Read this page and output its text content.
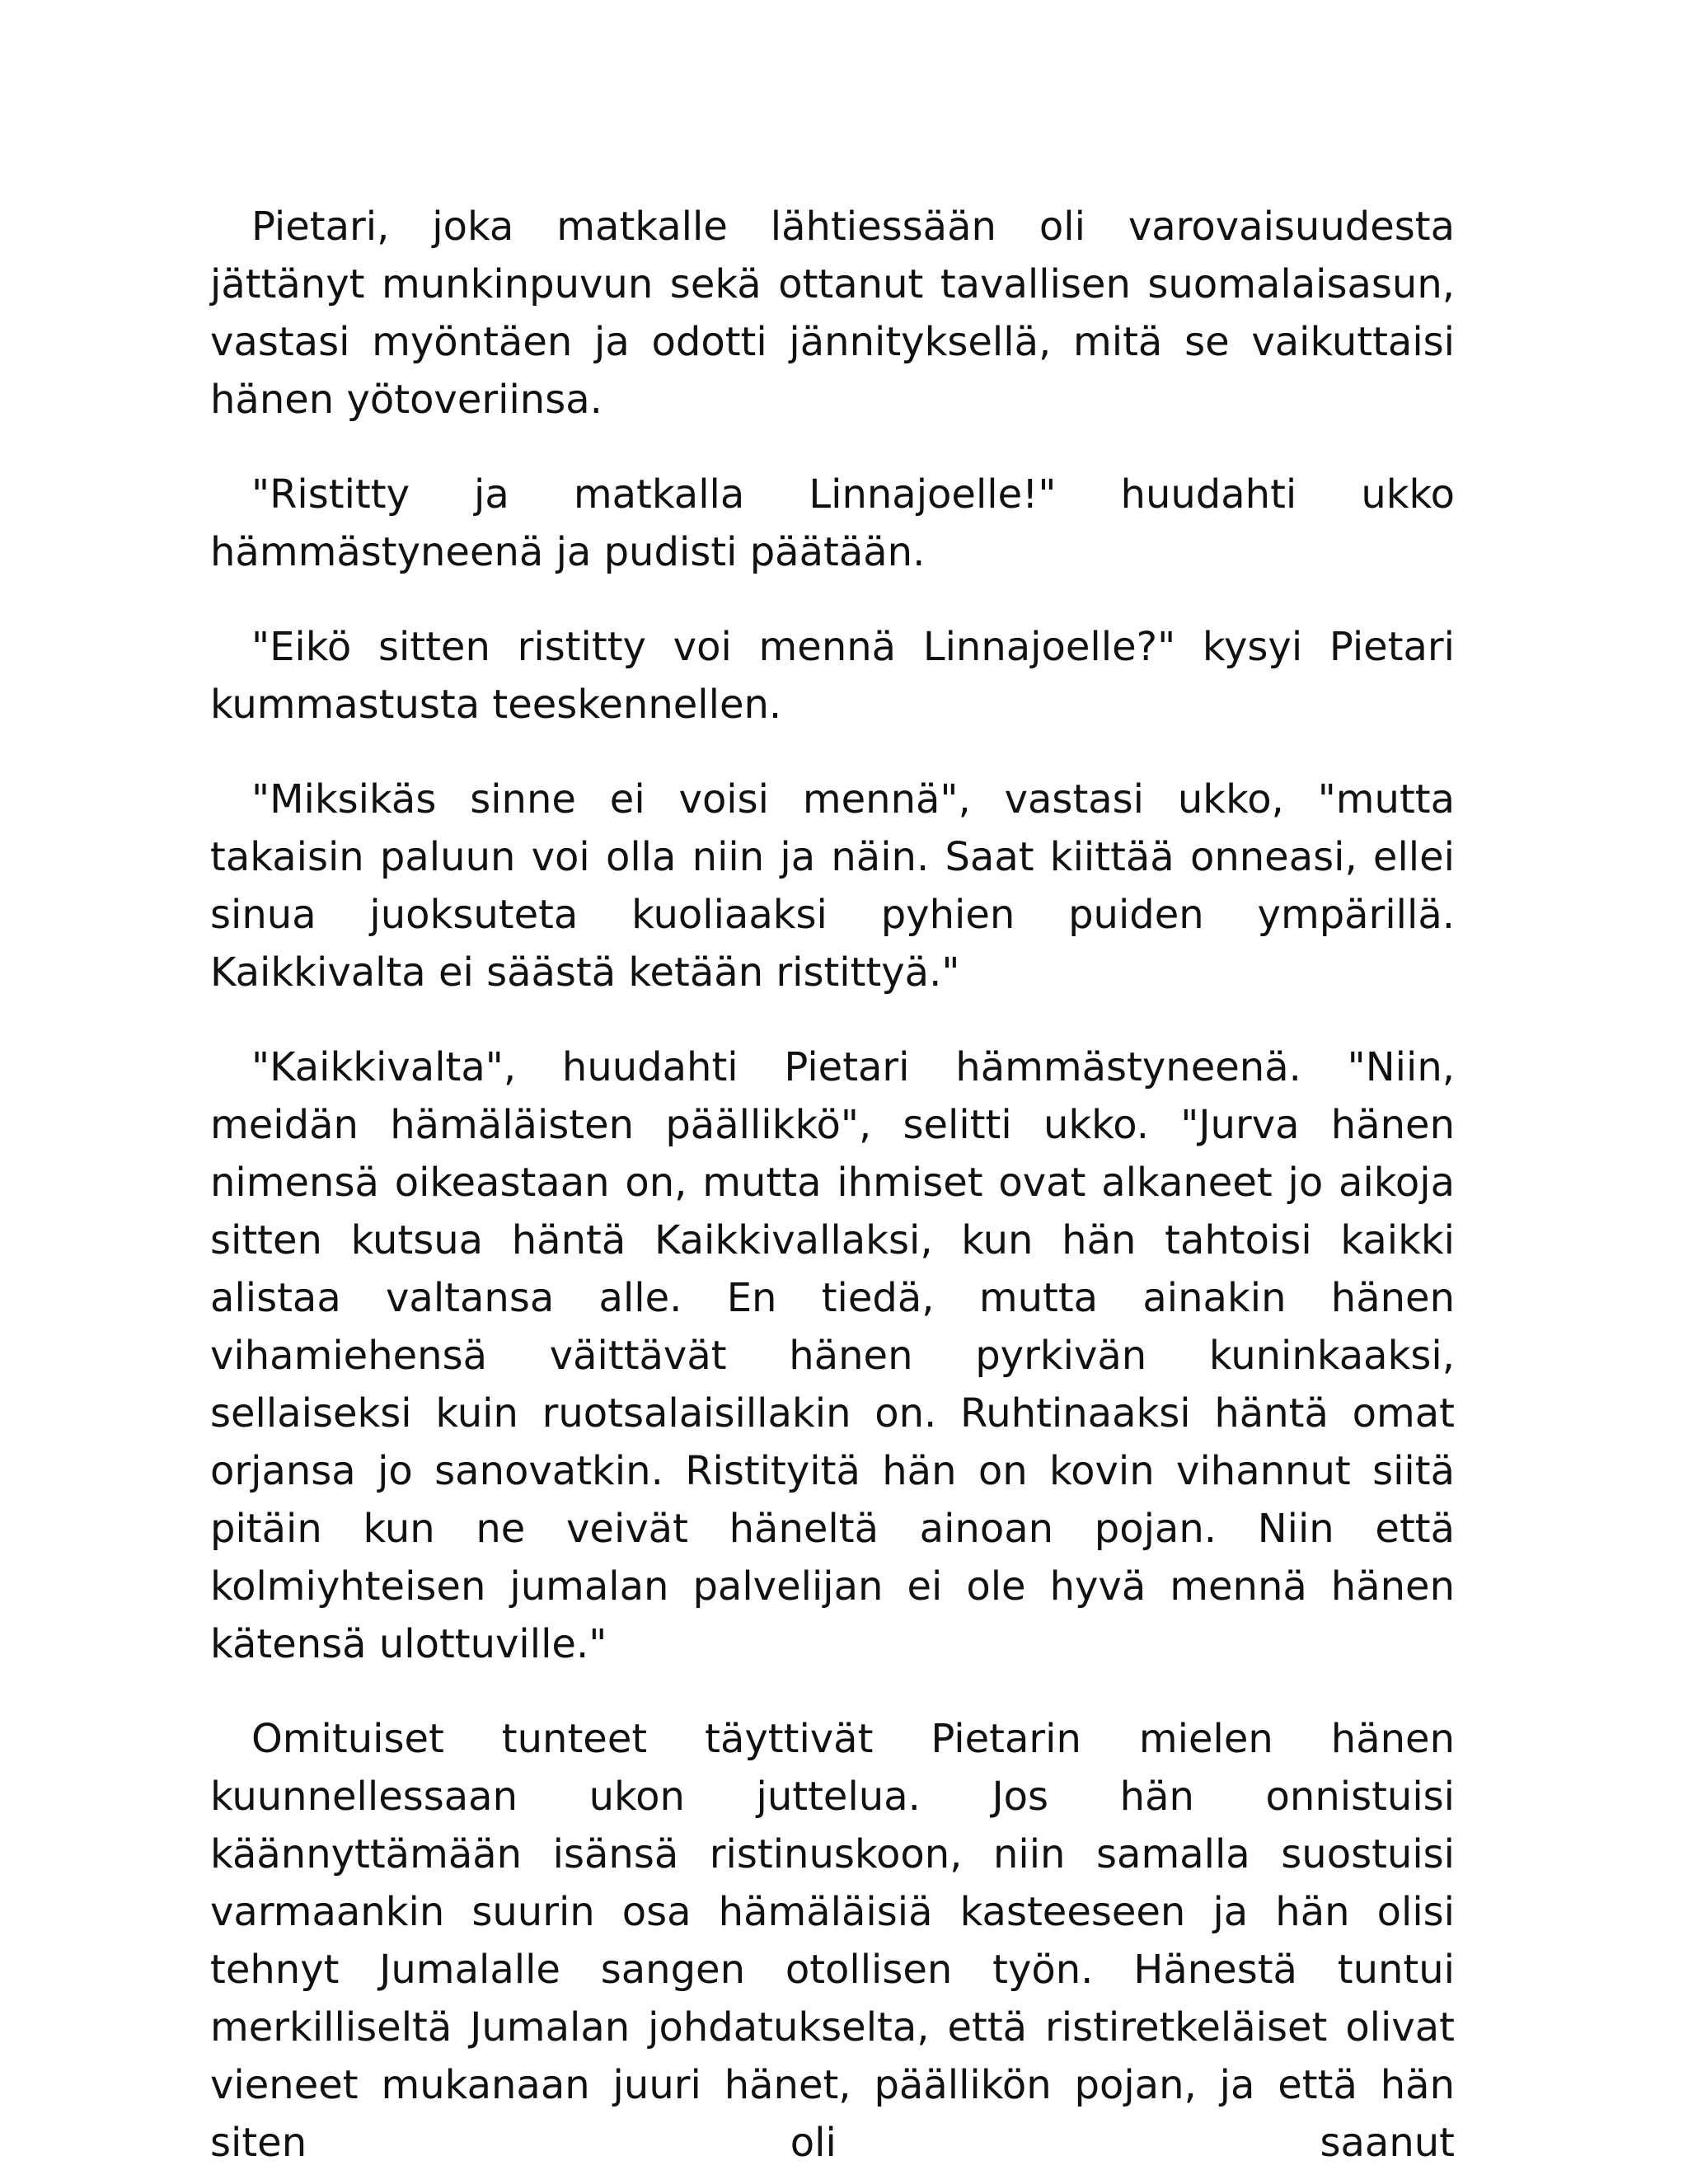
Pietari, joka matkalle lähtiessään oli varovaisuudesta jättänyt munkinpuvun sekä ottanut tavallisen suomalaisasun, vastasi myöntäen ja odotti jännityksellä, mitä se vaikuttaisi hänen yötoveriinsa.

"Ristitty ja matkalla Linnajoelle!" huudahti ukko hämmästyneenä ja pudisti päätään.

"Eikö sitten ristitty voi mennä Linnajoelle?" kysyi Pietari kummastusta teeskennellen.

"Miksikäs sinne ei voisi mennä", vastasi ukko, "mutta takaisin paluun voi olla niin ja näin. Saat kiittää onneasi, ellei sinua juoksuteta kuoliaaksi pyhien puiden ympärillä. Kaikkivalta ei säästä ketään ristittyä."

"Kaikkivalta", huudahti Pietari hämmästyneenä. "Niin, meidän hämäläisten päällikkö", selitti ukko. "Jurva hänen nimensä oikeastaan on, mutta ihmiset ovat alkaneet jo aikoja sitten kutsua häntä Kaikkivallaksi, kun hän tahtoisi kaikki alistaa valtansa alle. En tiedä, mutta ainakin hänen vihamiehensä väittävät hänen pyrkivän kuninkaaksi, sellaiseksi kuin ruotsalaisillakin on. Ruhtinaaksi häntä omat orjansa jo sanovatkin. Ristityitä hän on kovin vihannut siitä pitäin kun ne veivät häneltä ainoan pojan. Niin että kolmiyhteisen jumalan palvelijan ei ole hyvä mennä hänen kätensä ulottuville."

Omituiset tunteet täyttivät Pietarin mielen hänen kuunnellessaan ukon juttelua. Jos hän onnistuisi käännyttämään isänsä ristinuskoon, niin samalla suostuisi varmaankin suurin osa hämäläisiä kasteeseen ja hän olisi tehnyt Jumalalle sangen otollisen työn. Hänestä tuntui merkilliseltä Jumalan johdatukselta, että ristiretkeläiset olivat vieneet mukanaan juuri hänet, päällikön pojan, ja että hän siten oli saanut
